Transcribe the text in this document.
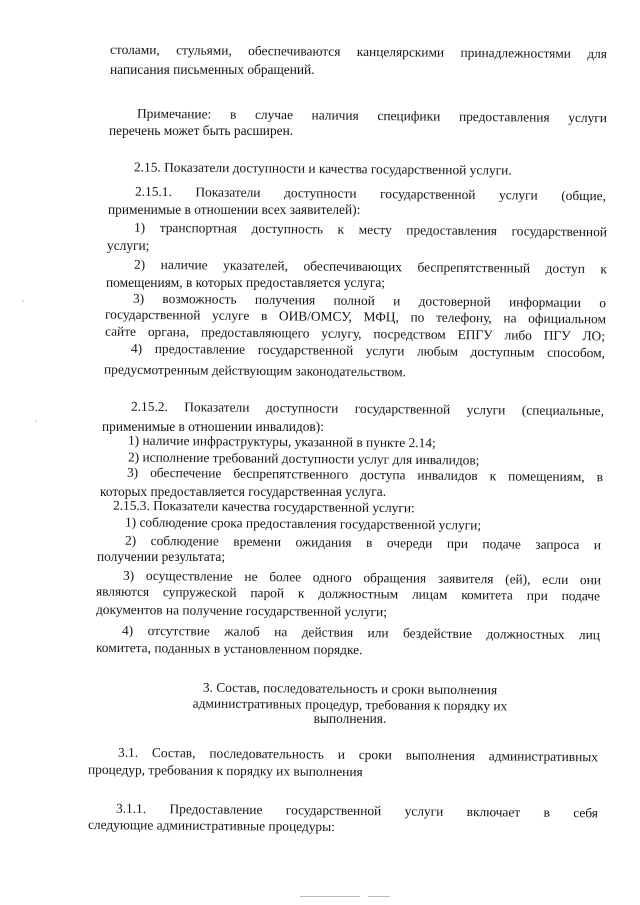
столами, стульями, обеспечиваются канцелярскими принадлежностями для
написания письменных обращений.
Примечание: в случае наличия специфики предоставления услуги
перечень может быть расширен.
2.15. Показатели доступности и качества государственной услуги.
2.15.1. Показатели доступности государственной услуги (общие,
применимые в отношении всех заявителей):
1) транспортная доступность к месту предоставления государственной
услуги;
2) наличие указателей, обеспечивающих беспрепятственный доступ к
помещениям, в которых предоставляется услуга;
3) возможность получения полной и достоверной информации о
государственной услуге в ОИВ/ОМСУ, МФЦ, по телефону, на официальном
сайте органа, предоставляющего услугу, посредством ЕПГУ либо ПГУ ЛО;
4) предоставление государственной услуги любым доступным способом,
предусмотренным действующим законодательством.
2.15.2. Показатели доступности государственной услуги (специальные,
применимые в отношении инвалидов):
1) наличие инфраструктуры, указанной в пункте 2.14;
2) исполнение требований доступности услуг для инвалидов;
3) обеспечение беспрепятственного доступа инвалидов к помещениям, в
которых предоставляется государственная услуга.
2.15.3. Показатели качества государственной услуги:
1) соблюдение срока предоставления государственной услуги;
2) соблюдение времени ожидания в очереди при подаче запроса и
получении результата;
3) осуществление не более одного обращения заявителя (ей), если они
являются супружеской парой к должностным лицам комитета при подаче
документов на получение государственной услуги;
4) отсутствие жалоб на действия или бездействие должностных лиц
комитета, поданных в установленном порядке.
3. Состав, последовательность и сроки выполнения
административных процедур, требования к порядку их
выполнения.
3.1. Состав, последовательность и сроки выполнения административных
процедур, требования к порядку их выполнения
3.1.1. Предоставление государственной услуги включает в себя
следующие административные процедуры:
